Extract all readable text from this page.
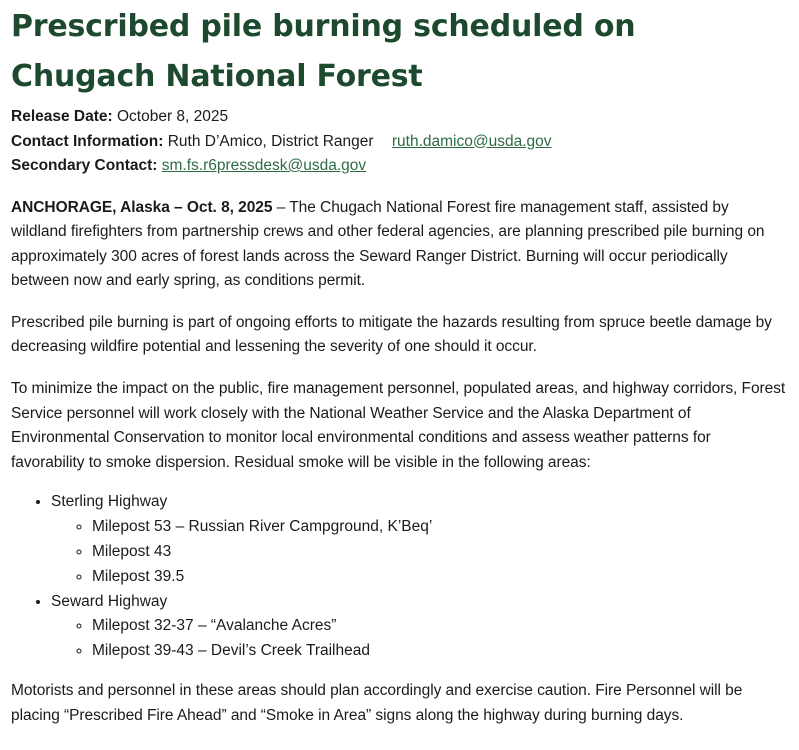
Prescribed pile burning scheduled on Chugach National Forest
Release Date: October 8, 2025
Contact Information: Ruth D’Amico, District Ranger ruth.damico@usda.gov
Secondary Contact: sm.fs.r6pressdesk@usda.gov

ANCHORAGE, Alaska – Oct. 8, 2025 – The Chugach National Forest fire management staff, assisted by wildland firefighters from partnership crews and other federal agencies, are planning prescribed pile burning on approximately 300 acres of forest lands across the Seward Ranger District. Burning will occur periodically between now and early spring, as conditions permit.

Prescribed pile burning is part of ongoing efforts to mitigate the hazards resulting from spruce beetle damage by decreasing wildfire potential and lessening the severity of one should it occur.

To minimize the impact on the public, fire management personnel, populated areas, and highway corridors, Forest Service personnel will work closely with the National Weather Service and the Alaska Department of Environmental Conservation to monitor local environmental conditions and assess weather patterns for favorability to smoke dispersion. Residual smoke will be visible in the following areas:

• Sterling Highway
◦ Milepost 53 – Russian River Campground, K’Beq’
◦ Milepost 43
◦ Milepost 39.5
• Seward Highway
◦ Milepost 32-37 – “Avalanche Acres”
◦ Milepost 39-43 – Devil’s Creek Trailhead

Motorists and personnel in these areas should plan accordingly and exercise caution. Fire Personnel will be placing “Prescribed Fire Ahead” and “Smoke in Area” signs along the highway during burning days.
